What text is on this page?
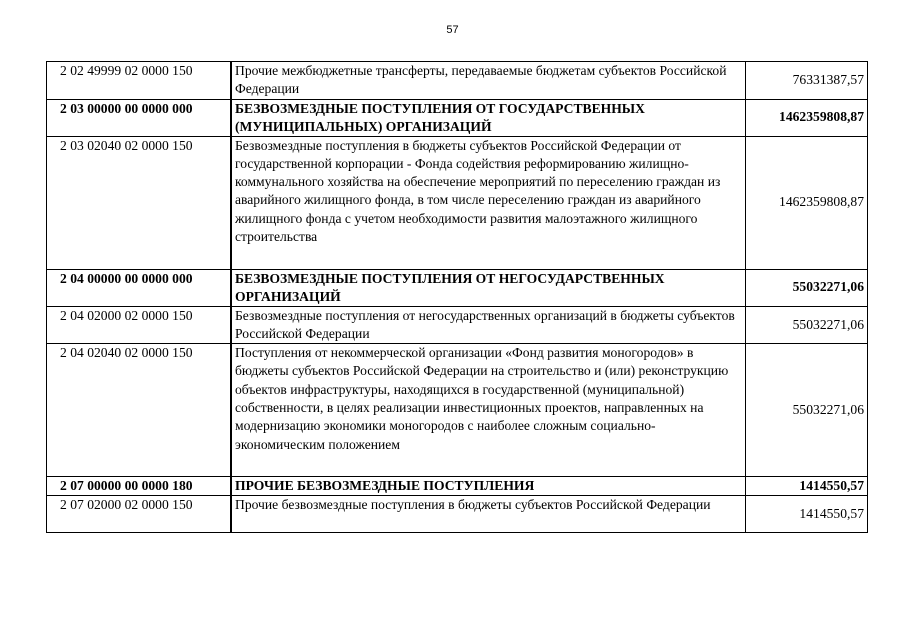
57
2 02 49999 02 0000 150	Прочие межбюджетные трансферты, передаваемые бюджетам субъектов Российской Федерации	76331387,57
2 03 00000 00 0000 000	БЕЗВОЗМЕЗДНЫЕ ПОСТУПЛЕНИЯ ОТ ГОСУДАРСТВЕННЫХ (МУНИЦИПАЛЬНЫХ) ОРГАНИЗАЦИЙ	1462359808,87
2 03 02040 02 0000 150	Безвозмездные поступления в бюджеты субъектов Российской Федерации от государственной корпорации - Фонда содействия реформированию жилищно-коммунального хозяйства на обеспечение мероприятий по переселению граждан из аварийного жилищного фонда, в том числе переселению граждан из аварийного жилищного фонда с учетом необходимости развития малоэтажного жилищного строительства	1462359808,87
2 04 00000 00 0000 000	БЕЗВОЗМЕЗДНЫЕ ПОСТУПЛЕНИЯ ОТ НЕГОСУДАРСТВЕННЫХ ОРГАНИЗАЦИЙ	55032271,06
2 04 02000 02 0000 150	Безвозмездные поступления от негосударственных организаций в бюджеты субъектов Российской Федерации	55032271,06
2 04 02040 02 0000 150	Поступления от некоммерческой организации «Фонд развития моногородов» в бюджеты субъектов Российской Федерации на строительство и (или) реконструкцию объектов инфраструктуры, находящихся в государственной (муниципальной) собственности, в целях реализации инвестиционных проектов, направленных на модернизацию экономики моногородов с наиболее сложным социально-экономическим положением	55032271,06
2 07 00000 00 0000 180	ПРОЧИЕ БЕЗВОЗМЕЗДНЫЕ ПОСТУПЛЕНИЯ	1414550,57
2 07 02000 02 0000 150	Прочие безвозмездные поступления в бюджеты субъектов Российской Федерации	1414550,57
